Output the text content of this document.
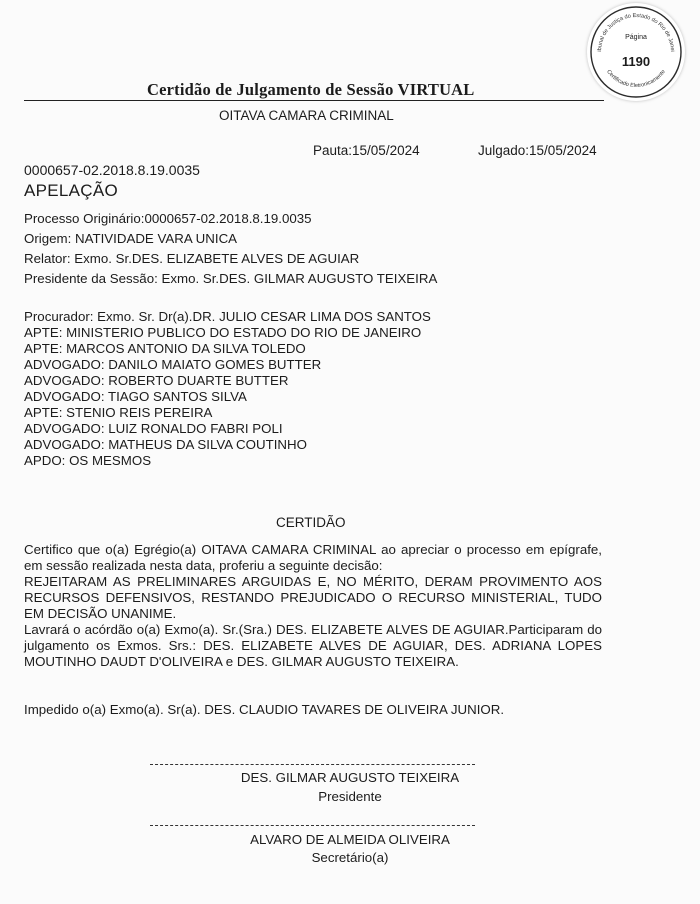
ibunal de Justiça do Estado do Rio de Janei
Certificado Eletronicamente
Página
1190
Certidão de Julgamento de Sessão VIRTUAL
OITAVA CAMARA CRIMINAL
Pauta:15/05/2024	Julgado:15/05/2024
0000657-02.2018.8.19.0035
APELAÇÃO
Processo Originário:0000657-02.2018.8.19.0035
Origem: NATIVIDADE VARA UNICA
Relator: Exmo. Sr.DES. ELIZABETE ALVES DE AGUIAR
Presidente da Sessão: Exmo. Sr.DES. GILMAR AUGUSTO TEIXEIRA
Procurador: Exmo. Sr. Dr(a).DR. JULIO CESAR LIMA DOS SANTOS
APTE: MINISTERIO PUBLICO DO ESTADO DO RIO DE JANEIRO
APTE: MARCOS ANTONIO DA SILVA TOLEDO
ADVOGADO: DANILO MAIATO GOMES BUTTER
ADVOGADO: ROBERTO DUARTE BUTTER
ADVOGADO: TIAGO SANTOS SILVA
APTE: STENIO REIS PEREIRA
ADVOGADO: LUIZ RONALDO FABRI POLI
ADVOGADO: MATHEUS DA SILVA COUTINHO
APDO: OS MESMOS
CERTIDÃO
Certifico que o(a) Egrégio(a) OITAVA CAMARA CRIMINAL ao apreciar o processo em epígrafe, em sessão realizada nesta data, proferiu a seguinte decisão:
REJEITARAM AS PRELIMINARES ARGUIDAS E, NO MÉRITO, DERAM PROVIMENTO AOS RECURSOS DEFENSIVOS, RESTANDO PREJUDICADO O RECURSO MINISTERIAL, TUDO EM DECISÃO UNANIME.
Lavrará o acórdão o(a) Exmo(a). Sr.(Sra.) DES. ELIZABETE ALVES DE AGUIAR.Participaram do julgamento os Exmos. Srs.: DES. ELIZABETE ALVES DE AGUIAR, DES. ADRIANA LOPES MOUTINHO DAUDT D'OLIVEIRA e DES. GILMAR AUGUSTO TEIXEIRA.
Impedido o(a) Exmo(a). Sr(a). DES. CLAUDIO TAVARES DE OLIVEIRA JUNIOR.
DES. GILMAR AUGUSTO TEIXEIRA
Presidente
ALVARO DE ALMEIDA OLIVEIRA
Secretário(a)
